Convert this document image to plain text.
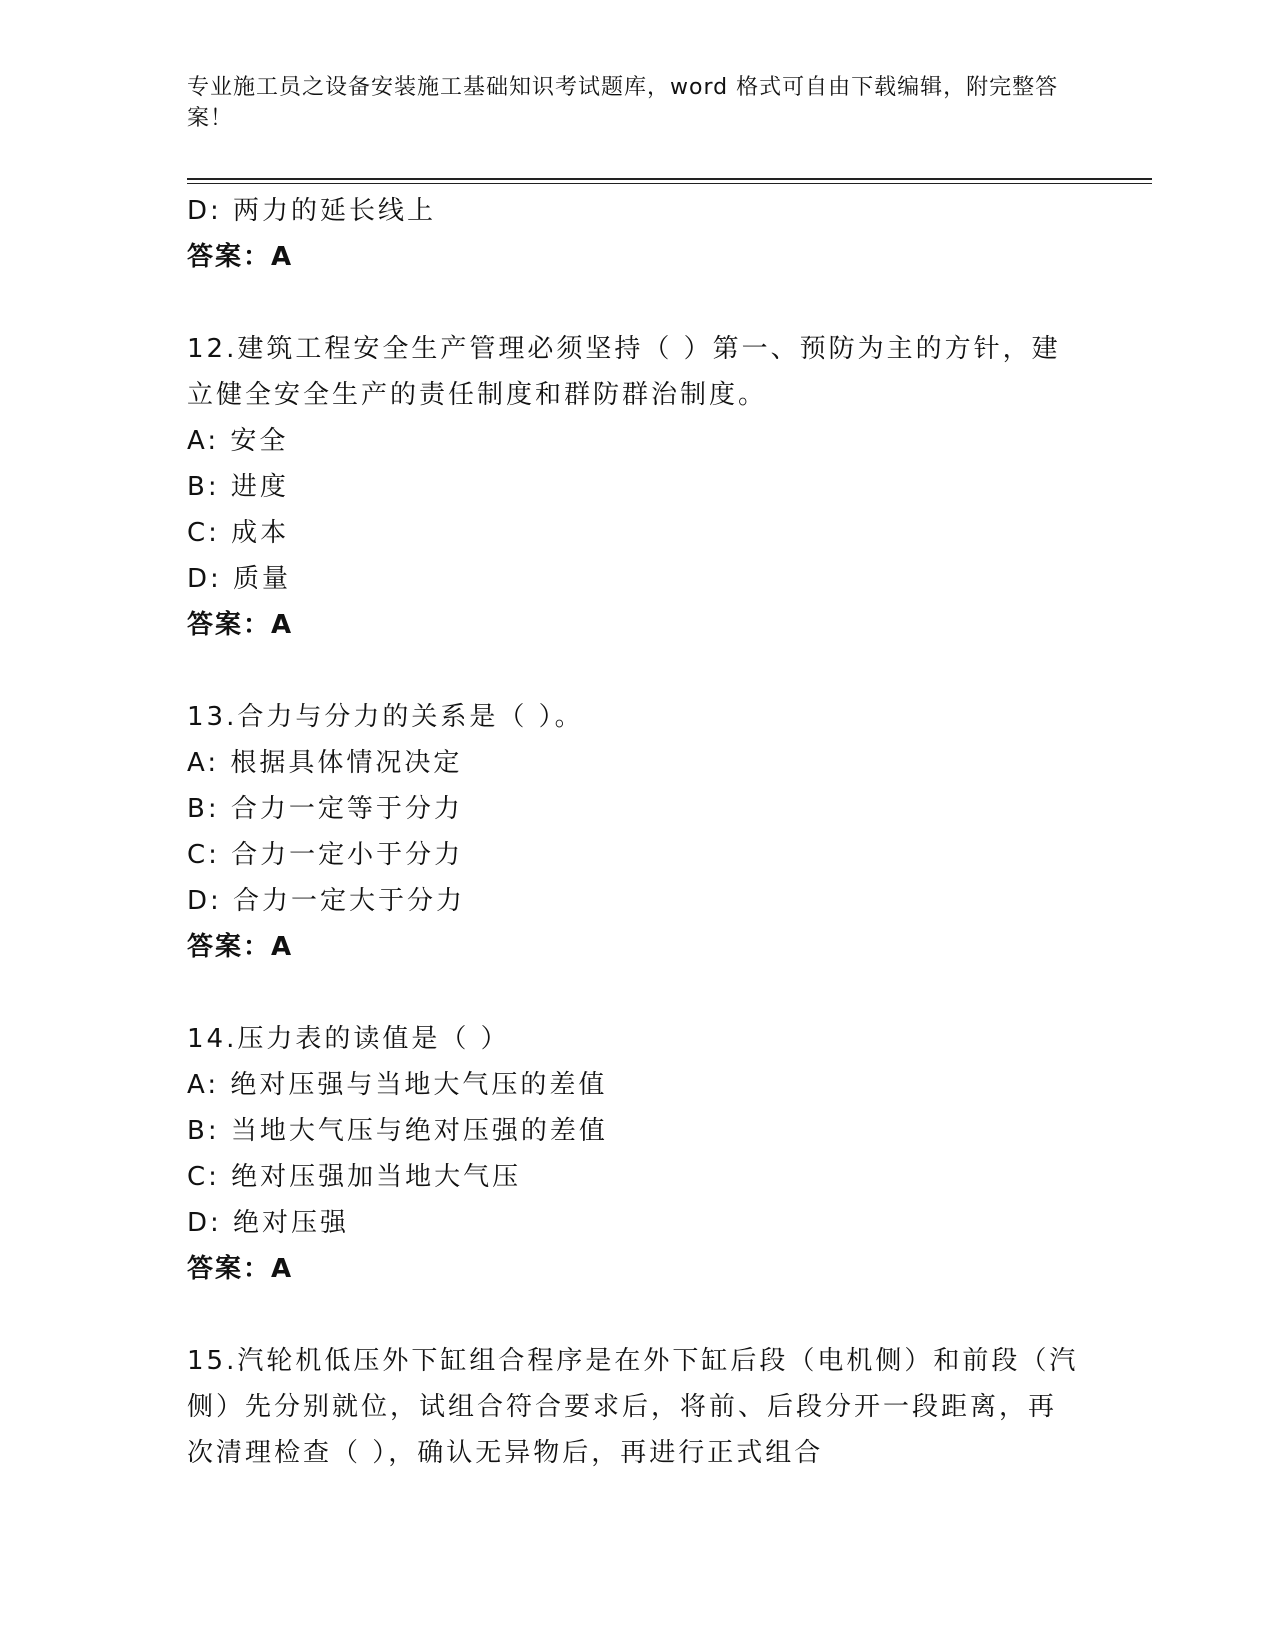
专业施工员之设备安装施工基础知识考试题库，word 格式可自由下载编辑，附完整答案！
D: 两力的延长线上
答案：A
12.建筑工程安全生产管理必须坚持（ ）第一、预防为主的方针，建
立健全安全生产的责任制度和群防群治制度。
A: 安全
B: 进度
C: 成本
D: 质量
答案：A
13.合力与分力的关系是（ ）。
A: 根据具体情况决定
B: 合力一定等于分力
C: 合力一定小于分力
D: 合力一定大于分力
答案：A
14.压力表的读值是（ ）
A: 绝对压强与当地大气压的差值
B: 当地大气压与绝对压强的差值
C: 绝对压强加当地大气压
D: 绝对压强
答案：A
15.汽轮机低压外下缸组合程序是在外下缸后段（电机侧）和前段（汽
侧）先分别就位，试组合符合要求后，将前、后段分开一段距离，再
次清理检查（ ），确认无异物后，再进行正式组合
